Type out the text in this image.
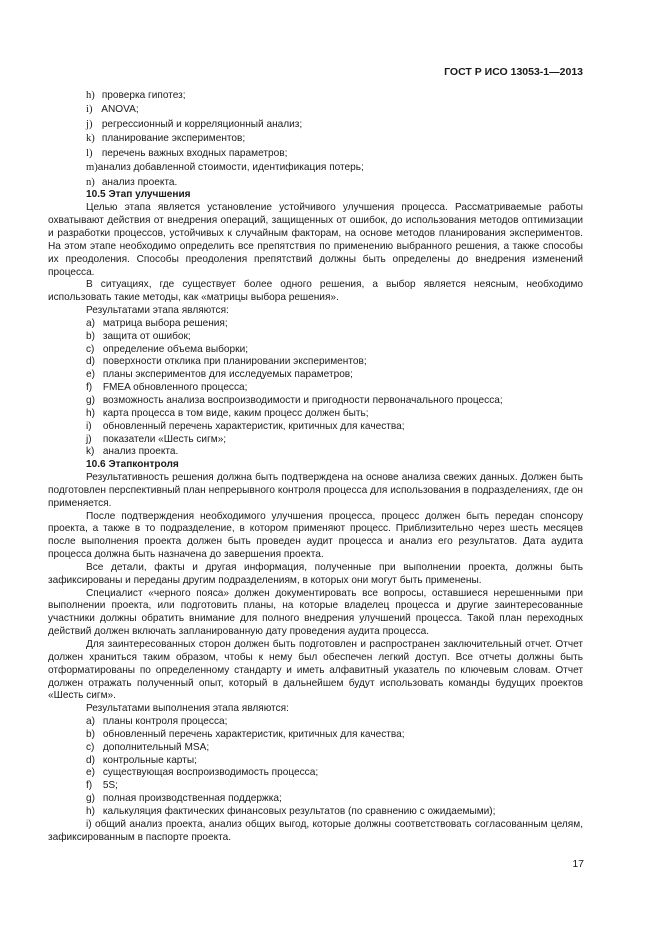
ГОСТ Р ИСО 13053-1—2013
h) проверка гипотез;
i) ANOVA;
j) регрессионный и корреляционный анализ;
k) планирование экспериментов;
l) перечень важных входных параметров;
m)анализ добавленной стоимости, идентификация потерь;
n) анализ проекта.
10.5 Этап улучшения

Целью этапа является установление устойчивого улучшения процесса. Рассматриваемые работы охватывают действия от внедрения операций, защищенных от ошибок, до использования методов оптимизации и разработки процессов, устойчивых к случайным факторам, на основе методов планирования экспериментов. На этом этапе необходимо определить все препятствия по применению выбранного решения, а также способы их преодоления. Способы преодоления препятствий должны быть определены до внедрения изменений процесса.

В ситуациях, где существует более одного решения, а выбор является неясным, необходимо использовать такие методы, как «матрицы выбора решения».

Результатами этапа являются:
a) матрица выбора решения;
b) защита от ошибок;
c) определение объема выборки;
d) поверхности отклика при планировании экспериментов;
e) планы экспериментов для исследуемых параметров;
f) FMEA обновленного процесса;
g) возможность анализа воспроизводимости и пригодности первоначального процесса;
h) карта процесса в том виде, каким процесс должен быть;
i) обновленный перечень характеристик, критичных для качества;
j) показатели «Шесть сигм»;
k) анализ проекта.
10.6 Этапконтроля

Результативность решения должна быть подтверждена на основе анализа свежих данных. Должен быть подготовлен перспективный план непрерывного контроля процесса для использования в подразделениях, где он применяется.

После подтверждения необходимого улучшения процесса, процесс должен быть передан спонсору проекта, а также в то подразделение, в котором применяют процесс. Приблизительно через шесть месяцев после выполнения проекта должен быть проведен аудит процесса и анализ его результатов. Дата аудита процесса должна быть назначена до завершения проекта.

Все детали, факты и другая информация, полученные при выполнении проекта, должны быть зафиксированы и переданы другим подразделениям, в которых они могут быть применены.

Специалист «черного пояса» должен документировать все вопросы, оставшиеся нерешенными при выполнении проекта, или подготовить планы, на которые владелец процесса и другие заинтересованные участники должны обратить внимание для полного внедрения улучшений процесса. Такой план переходных действий должен включать запланированную дату проведения аудита процесса.

Для заинтересованных сторон должен быть подготовлен и распространен заключительный отчет. Отчет должен храниться таким образом, чтобы к нему был обеспечен легкий доступ. Все отчеты должны быть отформатированы по определенному стандарту и иметь алфавитный указатель по ключевым словам. Отчет должен отражать полученный опыт, который в дальнейшем будут использовать команды будущих проектов «Шесть сигм».

Результатами выполнения этапа являются:
a) планы контроля процесса;
b) обновленный перечень характеристик, критичных для качества;
c) дополнительный MSA;
d) контрольные карты;
e) существующая воспроизводимость процесса;
f) 5S;
g) полная производственная поддержка;
h) калькуляция фактических финансовых результатов (по сравнению с ожидаемыми);

i) общий анализ проекта, анализ общих выгод, которые должны соответствовать согласованным целям, зафиксированным в паспорте проекта.

17
